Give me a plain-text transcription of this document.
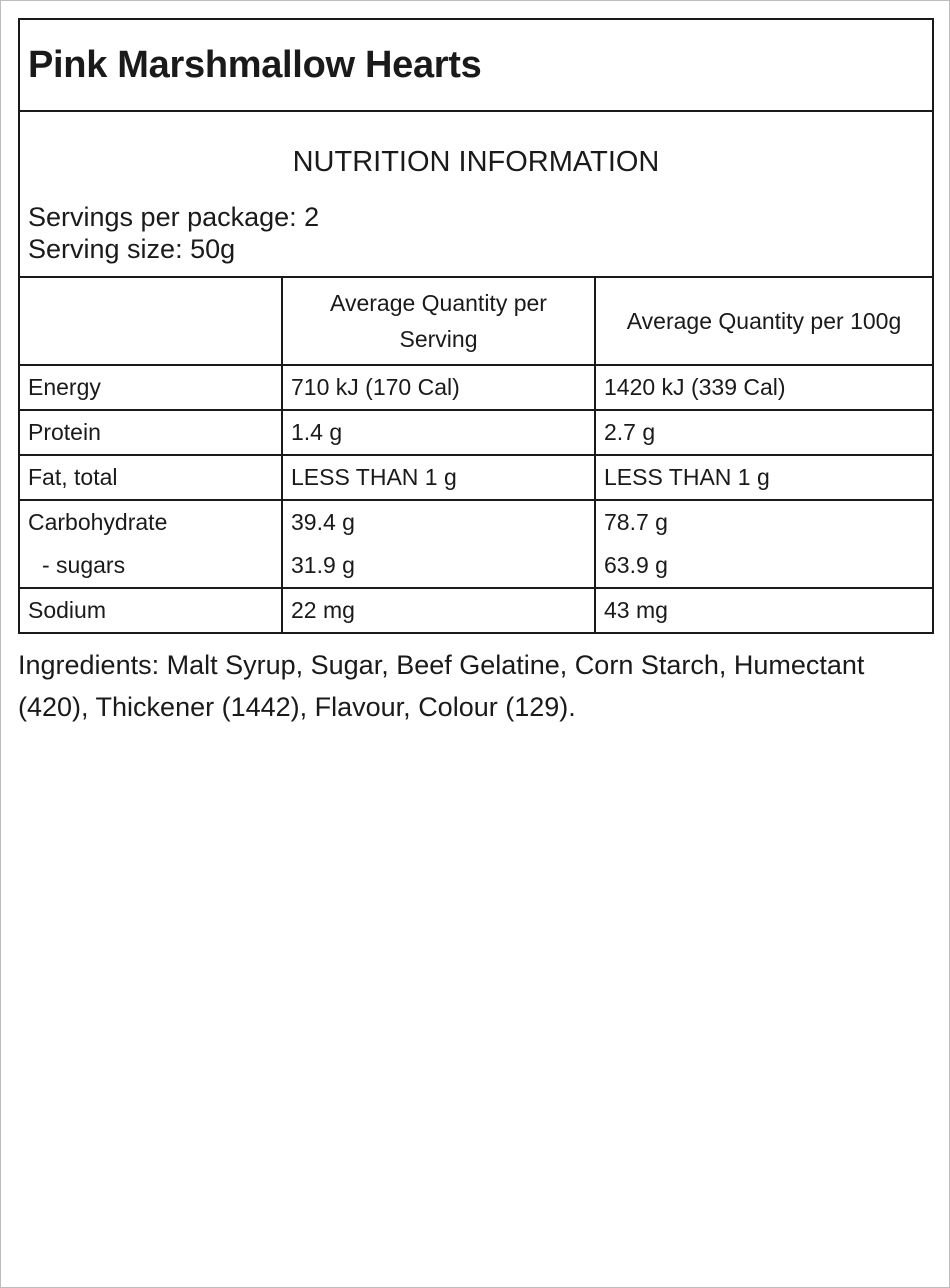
Pink Marshmallow Hearts
NUTRITION INFORMATION
Servings per package: 2
Serving size: 50g
	Average Quantity per Serving	Average Quantity per 100g
Energy	710 kJ (170 Cal)	1420 kJ (339 Cal)
Protein	1.4 g	2.7 g
Fat, total	LESS THAN 1 g	LESS THAN 1 g
Carbohydrate	39.4 g	78.7 g
- sugars	31.9 g	63.9 g
Sodium	22 mg	43 mg
Ingredients: Malt Syrup, Sugar, Beef Gelatine, Corn Starch, Humectant (420), Thickener (1442), Flavour, Colour (129).
